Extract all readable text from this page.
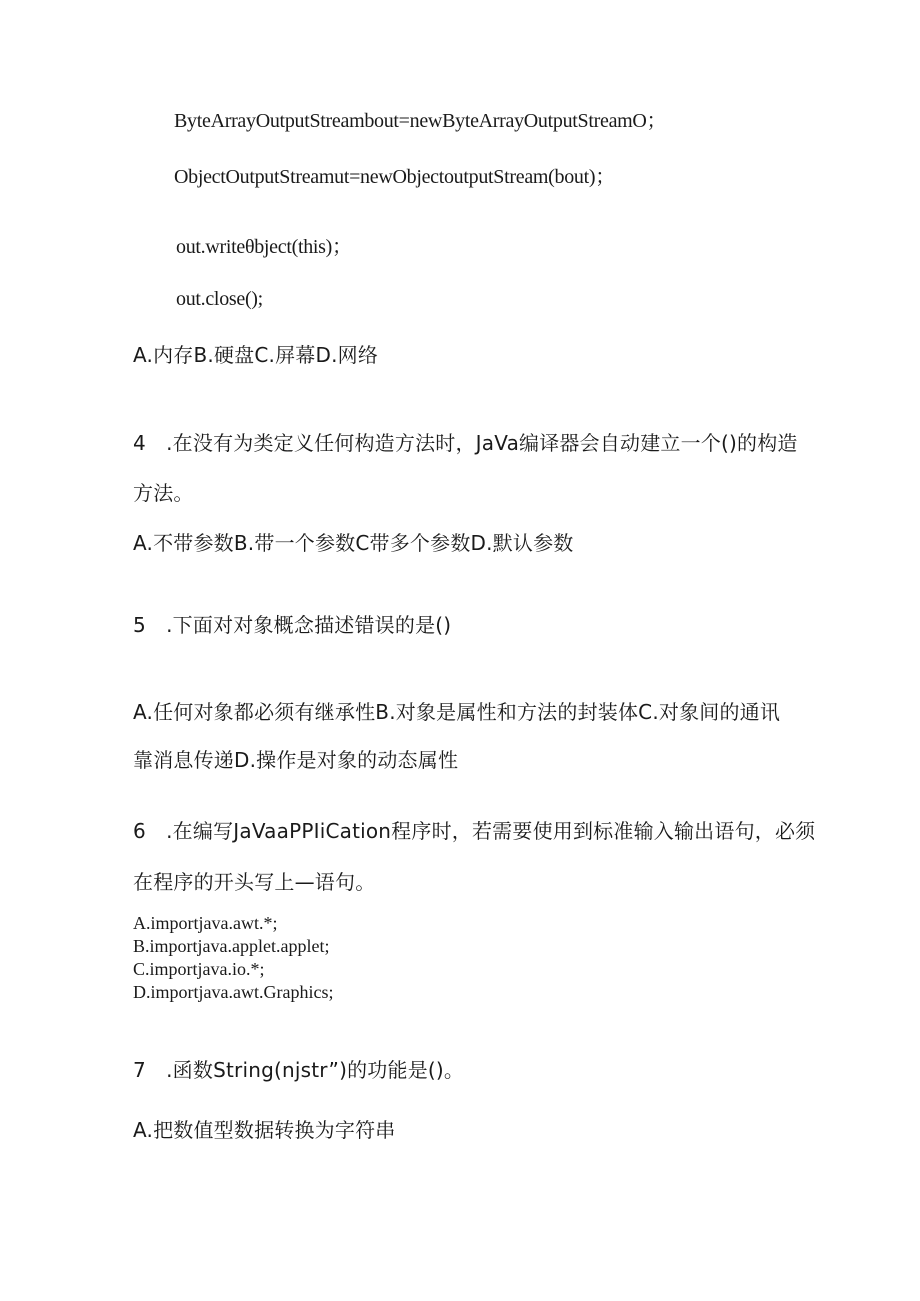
ByteArrayOutputStreambout=newByteArrayOutputStreamO；
ObjectOutputStreamut=newObjectoutputStream(bout)；
out.writeθbject(this)；
out.close();
A.内存B.硬盘C.屏幕D.网络
4　.在没有为类定义任何构造方法时，JaVa编译器会自动建立一个()的构造
方法。
A.不带参数B.带一个参数C带多个参数D.默认参数
5　.下面对对象概念描述错误的是()
A.任何对象都必须有继承性B.对象是属性和方法的封装体C.对象间的通讯
靠消息传递D.操作是对象的动态属性
6　.在编写JaVaaPPIiCation程序时，若需要使用到标准输入输出语句，必须
在程序的开头写上—语句。
A.importjava.awt.*;
B.importjava.applet.applet;
C.importjava.io.*;
D.importjava.awt.Graphics;
7　.函数String(njstr”)的功能是()。
A.把数值型数据转换为字符串
